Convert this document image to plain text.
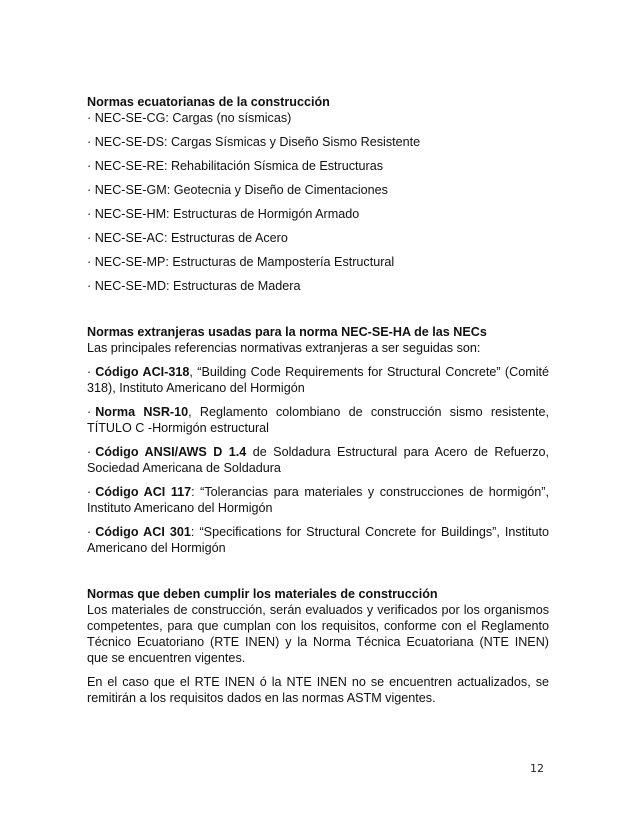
Normas ecuatorianas de la construcción
· NEC-SE-CG: Cargas (no sísmicas)
· NEC-SE-DS: Cargas Sísmicas y Diseño Sismo Resistente
· NEC-SE-RE: Rehabilitación Sísmica de Estructuras
· NEC-SE-GM: Geotecnia y Diseño de Cimentaciones
· NEC-SE-HM: Estructuras de Hormigón Armado
· NEC-SE-AC: Estructuras de Acero
· NEC-SE-MP: Estructuras de Mampostería Estructural
· NEC-SE-MD: Estructuras de Madera
Normas extranjeras usadas para la norma NEC-SE-HA de las NECs
Las principales referencias normativas extranjeras a ser seguidas son:
· Código ACI-318, “Building Code Requirements for Structural Concrete” (Comité 318), Instituto Americano del Hormigón
· Norma NSR-10, Reglamento colombiano de construcción sismo resistente, TÍTULO C -Hormigón estructural
· Código ANSI/AWS D 1.4 de Soldadura Estructural para Acero de Refuerzo, Sociedad Americana de Soldadura
· Código ACI 117: “Tolerancias para materiales y construcciones de hormigón”, Instituto Americano del Hormigón
· Código ACI 301: “Specifications for Structural Concrete for Buildings”, Instituto Americano del Hormigón
Normas que deben cumplir los materiales de construcción
Los materiales de construcción, serán evaluados y verificados por los organismos competentes, para que cumplan con los requisitos, conforme con el Reglamento Técnico Ecuatoriano (RTE INEN) y la Norma Técnica Ecuatoriana (NTE INEN) que se encuentren vigentes.
En el caso que el RTE INEN ó la NTE INEN no se encuentren actualizados, se remitirán a los requisitos dados en las normas ASTM vigentes.
12
